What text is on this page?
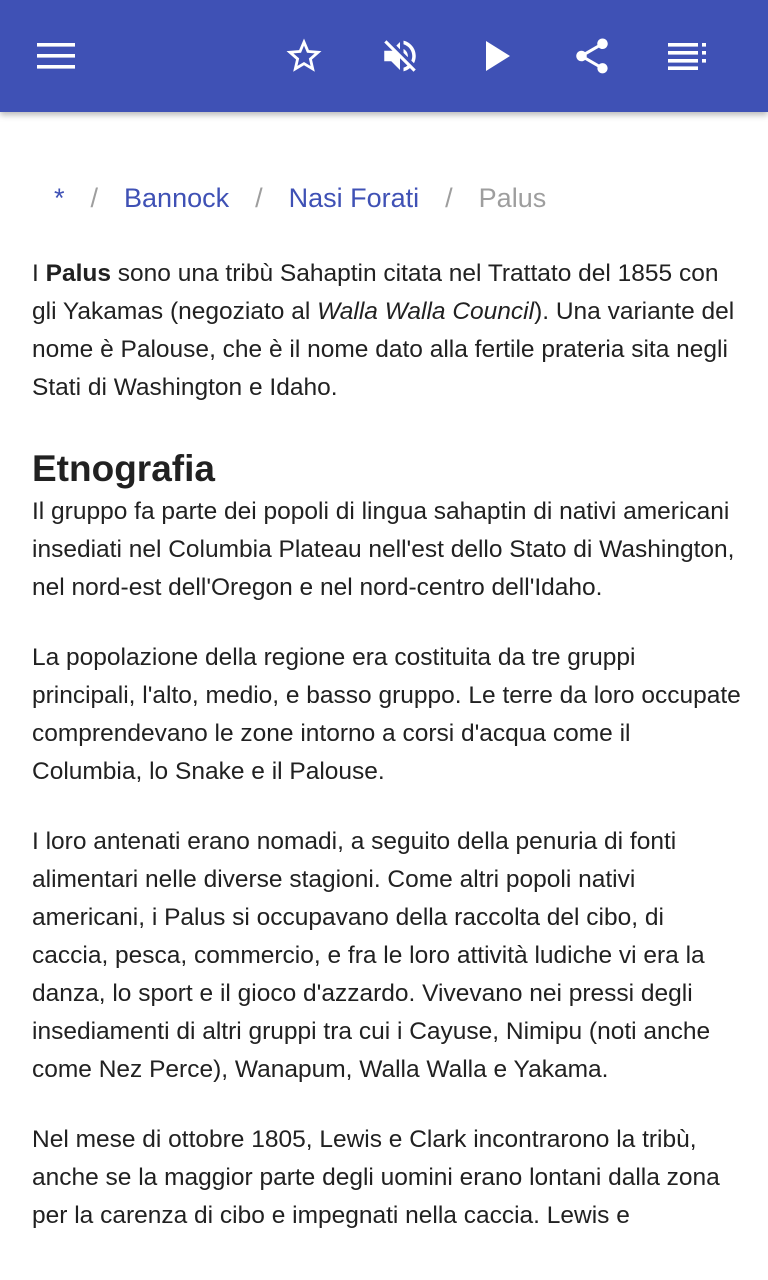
* / Bannock / Nasi Forati / Palus

I Palus sono una tribù Sahaptin citata nel Trattato del 1855 con gli Yakamas (negoziato al Walla Walla Council). Una variante del nome è Palouse, che è il nome dato alla fertile prateria sita negli Stati di Washington e Idaho.

Etnografia

Il gruppo fa parte dei popoli di lingua sahaptin di nativi americani insediati nel Columbia Plateau nell'est dello Stato di Washington, nel nord-est dell'Oregon e nel nord-centro dell'Idaho.

La popolazione della regione era costituita da tre gruppi principali, l'alto, medio, e basso gruppo. Le terre da loro occupate comprendevano le zone intorno a corsi d'acqua come il Columbia, lo Snake e il Palouse.

I loro antenati erano nomadi, a seguito della penuria di fonti alimentari nelle diverse stagioni. Come altri popoli nativi americani, i Palus si occupavano della raccolta del cibo, di caccia, pesca, commercio, e fra le loro attività ludiche vi era la danza, lo sport e il gioco d'azzardo. Vivevano nei pressi degli insediamenti di altri gruppi tra cui i Cayuse, Nimipu (noti anche come Nez Perce), Wanapum, Walla Walla e Yakama.

Nel mese di ottobre 1805, Lewis e Clark incontrarono la tribù, anche se la maggior parte degli uomini erano lontani dalla zona per la carenza di cibo e impegnati nella caccia. Lewis e
